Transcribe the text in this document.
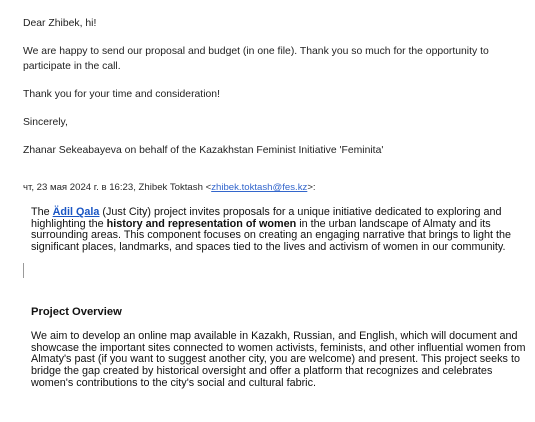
Dear Zhibek, hi!

We are happy to send our proposal and budget (in one file). Thank you so much for the opportunity to participate in the call.

Thank you for your time and consideration!

Sincerely,

Zhanar Sekeabayeva on behalf of the Kazakhstan Feminist Initiative 'Feminita'

чт, 23 мая 2024 г. в 16:23, Zhibek Toktash <zhibek.toktash@fes.kz>:

The Ädil Qala (Just City) project invites proposals for a unique initiative dedicated to exploring and highlighting the history and representation of women in the urban landscape of Almaty and its surrounding areas. This component focuses on creating an engaging narrative that brings to light the significant places, landmarks, and spaces tied to the lives and activism of women in our community.

Project Overview

We aim to develop an online map available in Kazakh, Russian, and English, which will document and showcase the important sites connected to women activists, feminists, and other influential women from Almaty's past (if you want to suggest another city, you are welcome) and present. This project seeks to bridge the gap created by historical oversight and offer a platform that recognizes and celebrates women's contributions to the city's social and cultural fabric.
